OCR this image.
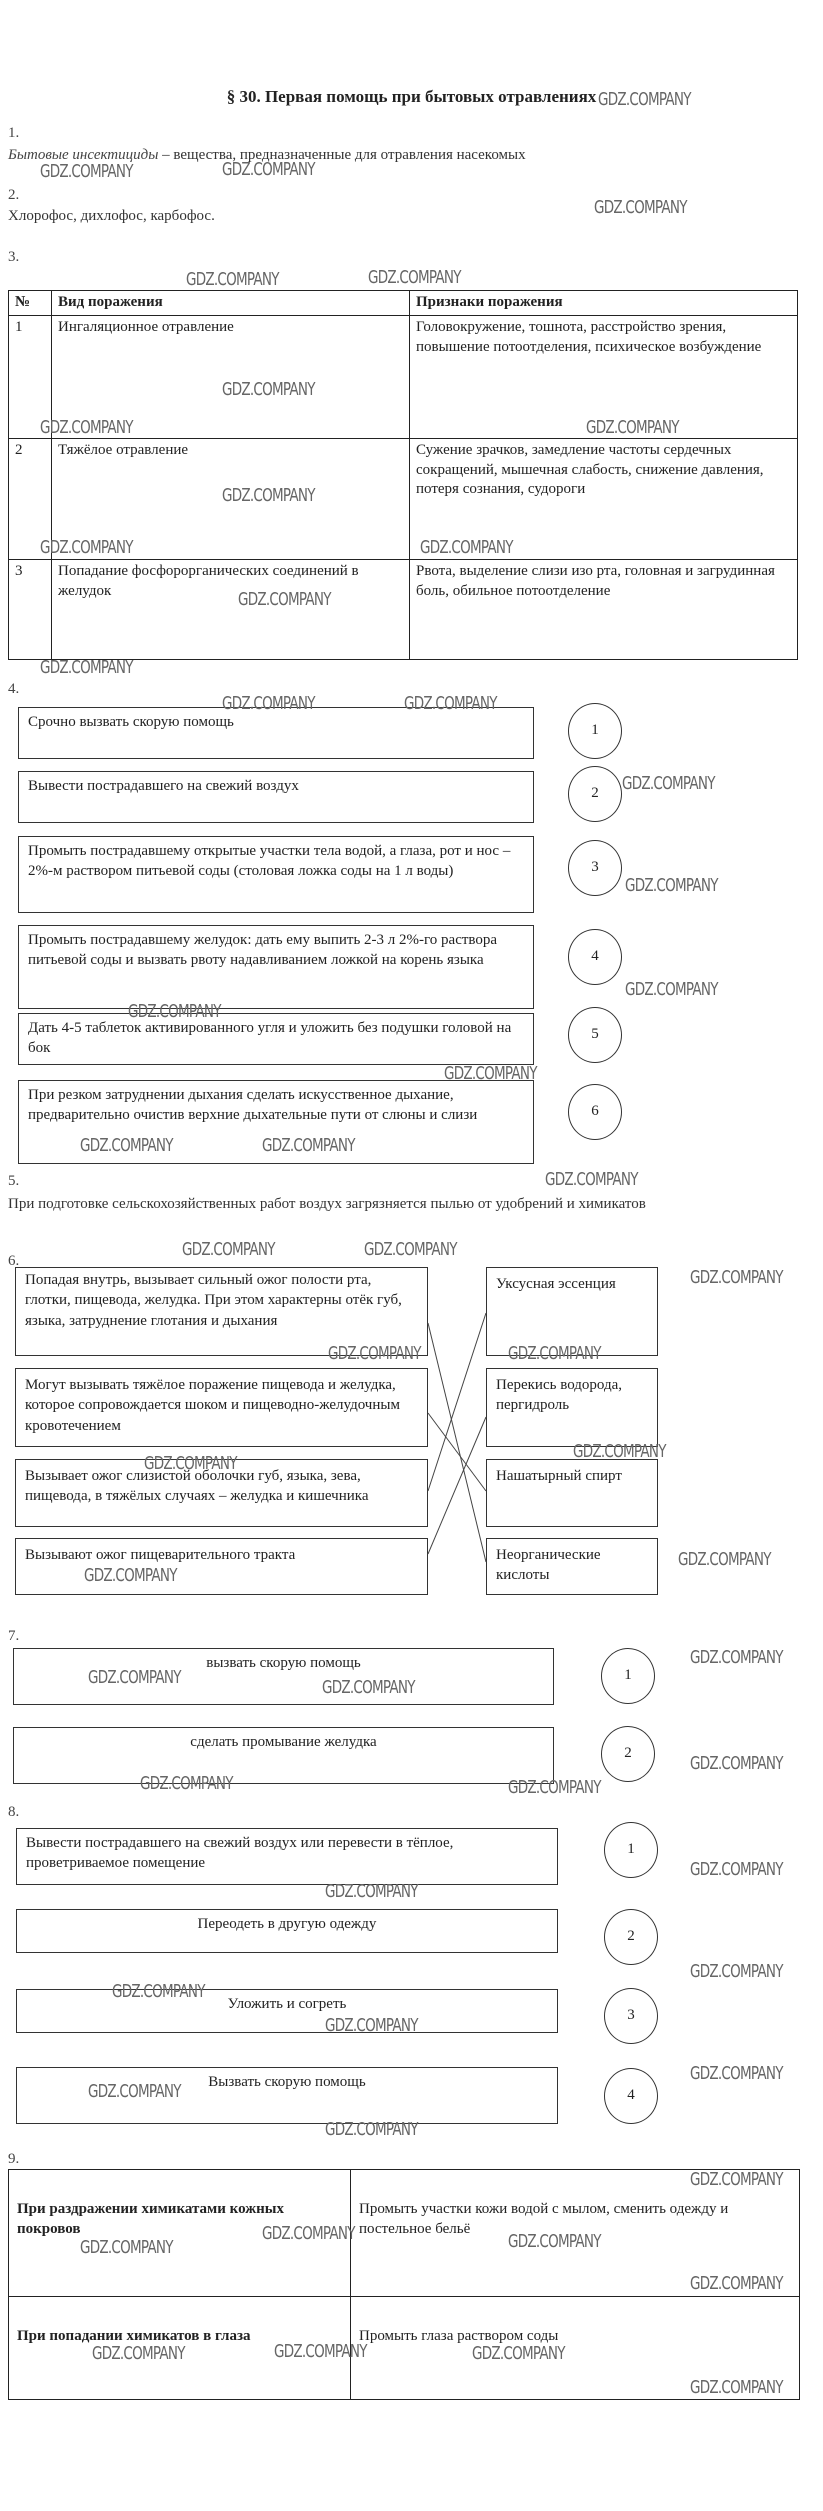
§ 30. Первая помощь при бытовых отравлениях
1.
Бытовые инсектициды – вещества, предназначенные для отравления насекомых
2.
Хлорофос, дихлофос, карбофос.
3.
№	Вид поражения	Признаки поражения
1	Ингаляционное отравление	Головокружение, тошнота, расстройство зрения, повышение потоотделения, психическое возбуждение
2	Тяжёлое отравление	Сужение зрачков, замедление частоты сердечных сокращений, мышечная слабость, снижение давления, потеря сознания, судороги
3	Попадание фосфорорганических соединений в желудок	Рвота, выделение слизи изо рта, головная и загрудинная боль, обильное потоотделение
4.
Срочно вызвать скорую помощь
Вывести пострадавшего на свежий воздух
Промыть пострадавшему открытые участки тела водой, а глаза, рот и нос – 2%-м раствором питьевой соды (столовая ложка соды на 1 л воды)
Промыть пострадавшему желудок: дать ему выпить 2-3 л 2%-го раствора питьевой соды и вызвать рвоту надавливанием ложкой на корень языка
Дать 4-5 таблеток активированного угля и уложить без подушки головой на бок
При резком затруднении дыхания сделать искусственное дыхание, предварительно очистив верхние дыхательные пути от слюны и слизи
1
2
3
4
5
6
5.
При подготовке сельскохозяйственных работ воздух загрязняется пылью от удобрений и химикатов
6.
Попадая внутрь, вызывает сильный ожог полости рта, глотки, пищевода, желудка. При этом характерны отёк губ, языка, затруднение глотания и дыхания
Могут вызывать тяжёлое поражение пищевода и желудка, которое сопровождается шоком и пищеводно-желудочным кровотечением
Вызывает ожог слизистой оболочки губ, языка, зева, пищевода, в тяжёлых случаях – желудка и кишечника
Вызывают ожог пищеварительного тракта
Уксусная эссенция
Перекись водорода, пергидроль
Нашатырный спирт
Неорганические кислоты
7.
вызвать скорую помощь
сделать промывание желудка
1
2
8.
Вывести пострадавшего на свежий воздух или перевести в тёплое, проветриваемое помещение
Переодеть в другую одежду
Уложить и согреть
Вызвать скорую помощь
1
2
3
4
9.
При раздражении химикатами кожных покровов	Промыть участки кожи водой с мылом, сменить одежду и постельное бельё
При попадании химикатов в глаза	Промыть глаза раствором соды
GDZ.COMPANY
GDZ.COMPANY	GDZ.COMPANY
GDZ.COMPANY
GDZ.COMPANY	GDZ.COMPANY
GDZ.COMPANY
GDZ.COMPANY	GDZ.COMPANY
GDZ.COMPANY
GDZ.COMPANY
GDZ.COMPANY
GDZ.COMPANY
GDZ.COMPANY
GDZ.COMPANY	GDZ.COMPANY
GDZ.COMPANY
GDZ.COMPANY
GDZ.COMPANY
GDZ.COMPANY
GDZ.COMPANY
GDZ.COMPANY	GDZ.COMPANY
GDZ.COMPANY
GDZ.COMPANY	GDZ.COMPANY
GDZ.COMPANY
GDZ.COMPANY	GDZ.COMPANY
GDZ.COMPANY
GDZ.COMPANY
GDZ.COMPANY
GDZ.COMPANY
GDZ.COMPANY
GDZ.COMPANY	GDZ.COMPANY
GDZ.COMPANY
GDZ.COMPANY	GDZ.COMPANY
GDZ.COMPANY
GDZ.COMPANY
GDZ.COMPANY
GDZ.COMPANY
GDZ.COMPANY
GDZ.COMPANY
GDZ.COMPANY
GDZ.COMPANY
GDZ.COMPANY
GDZ.COMPANY
GDZ.COMPANY	GDZ.COMPANY
GDZ.COMPANY
GDZ.COMPANY	GDZ.COMPANY	GDZ.COMPANY
GDZ.COMPANY
